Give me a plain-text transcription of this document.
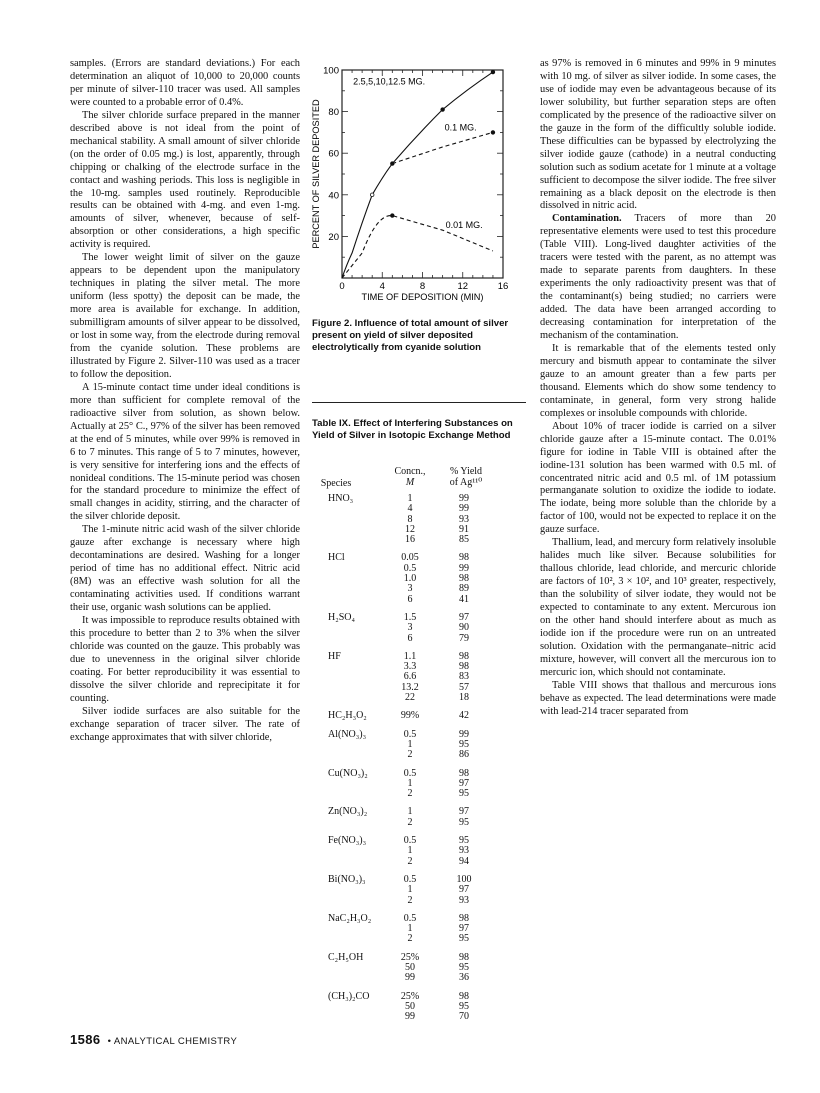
samples. (Errors are standard deviations.) For each determination an aliquot of 10,000 to 20,000 counts per minute of silver-110 tracer was used. All samples were counted to a probable error of 0.4%.

The silver chloride surface prepared in the manner described above is not ideal from the point of mechanical stability. A small amount of silver chloride (on the order of 0.05 mg.) is lost, apparently, through chipping or chalking of the electrode surface in the contact and washing periods. This loss is negligible in the 10-mg. samples used routinely. Reproducible results can be obtained with 4-mg. and even 1-mg. amounts of silver, whenever, because of self-absorption or other considerations, a high specific activity is required.

The lower weight limit of silver on the gauze appears to be dependent upon the manipulatory techniques in plating the silver metal. The more uniform (less spotty) the deposit can be made, the more area is available for exchange. In addition, submilligram amounts of silver appear to be dissolved, or lost in some way, from the electrode during removal from the cyanide solution. These problems are illustrated by Figure 2. Silver-110 was used as a tracer to follow the deposition.

A 15-minute contact time under ideal conditions is more than sufficient for complete removal of the radioactive silver from solution, as shown below. Actually at 25° C., 97% of the silver has been removed at the end of 5 minutes, while over 99% is removed in 6 to 7 minutes. This range of 5 to 7 minutes, however, is very sensitive for interfering ions and the effects of nonideal conditions. The 15-minute period was chosen for the standard procedure to minimize the effect of small changes in acidity, stirring, and the character of the silver chloride deposit.

The 1-minute nitric acid wash of the silver chloride gauze after exchange is necessary where high decontaminations are desired. Washing for a longer period of time has no additional effect. Nitric acid (8M) was an effective wash solution for all the contaminating activities used. If conditions warrant their use, organic wash solutions can be applied.

It was impossible to reproduce results obtained with this procedure to better than 2 to 3% when the silver chloride was counted on the gauze. This probably was due to unevenness in the original silver chloride coating. For better reproducibility it was essential to dissolve the silver chloride and reprecipitate it for counting.

Silver iodide surfaces are also suitable for the exchange separation of tracer silver. The rate of exchange approximates that with silver chloride,

0	4	8	12	16
100
80
60
40
20
TIME OF DEPOSITION (MIN)
PERCENT OF SILVER DEPOSITED
2.5,5,10,12.5 MG.
0.1 MG.
0.01 MG.
Figure 2. Influence of total amount of silver present on yield of silver deposited electrolytically from cyanide solution
Table IX. Effect of Interfering Substances on Yield of Silver in Isotopic Exchange Method
Species
Concn.,
M
% Yield
of Ag¹¹⁰
HNO₃	1	99
4	99
8	93
12	91
16	85
HCl	0.05	98
0.5	99
1.0	98
3	89
6	41
H₂SO₄	1.5	97
3	90
6	79
HF	1.1	98
3.3	98
6.6	83
13.2	57
22	18
HC₂H₃O₂	99%	42
Al(NO₃)₃	0.5	99
1	95
2	86
Cu(NO₃)₂	0.5	98
1	97
2	95
Zn(NO₃)₂	1	97
2	95
Fe(NO₃)₃	0.5	95
1	93
2	94
Bi(NO₃)₃	0.5	100
1	97
2	93
NaC₂H₃O₂	0.5	98
1	97
2	95
C₂H₅OH	25%	98
50	95
99	36
(CH₃)₂CO	25%	98
50	95
99	70

as 97% is removed in 6 minutes and 99% in 9 minutes with 10 mg. of silver as silver iodide. In some cases, the use of iodide may even be advantageous because of its lower solubility, but further separation steps are often complicated by the presence of the radioactive silver on the gauze in the form of the difficultly soluble iodide. These difficulties can be bypassed by electrolyzing the silver iodide gauze (cathode) in a neutral conducting solution such as sodium acetate for 1 minute at a voltage sufficient to decompose the silver iodide. The free silver remaining as a black deposit on the electrode is then dissolved in nitric acid.

Contamination. Tracers of more than 20 representative elements were used to test this procedure (Table VIII). Long-lived daughter activities of the tracers were tested with the parent, as no attempt was made to separate parents from daughters. In these experiments the only radioactivity present was that of the contaminant(s) being studied; no carriers were added. The data have been arranged according to decreasing contamination for interpretation of the mechanism of the contamination.

It is remarkable that of the elements tested only mercury and bismuth appear to contaminate the silver gauze to an amount greater than a few parts per thousand. Elements which do show some tendency to contaminate, in general, form very strong halide complexes or insoluble compounds with chloride.

About 10% of tracer iodide is carried on a silver chloride gauze after a 15-minute contact. The 0.01% figure for iodine in Table VIII is obtained after the iodine-131 solution has been warmed with 0.5 ml. of concentrated nitric acid and 0.5 ml. of 1M potassium permanganate solution to oxidize the iodide to iodate. The iodate, being more soluble than the chloride by a factor of 100, would not be expected to replace it on the gauze surface.

Thallium, lead, and mercury form relatively insoluble halides much like silver. Because solubilities for thallous chloride, lead chloride, and mercuric chloride are factors of 10², 3 × 10², and 10³ greater, respectively, than the solubility of silver iodate, they would not be expected to contaminate to any extent. Mercurous ion on the other hand should interfere about as much as iodide ion if the procedure were run on an untreated solution. Oxidation with the permanganate–nitric acid mixture, however, will convert all the mercurous ion to mercuric ion, which should not contaminate.

Table VIII shows that thallous and mercurous ions behave as expected. The lead determinations were made with lead-214 tracer separated from

1586 • ANALYTICAL CHEMISTRY
